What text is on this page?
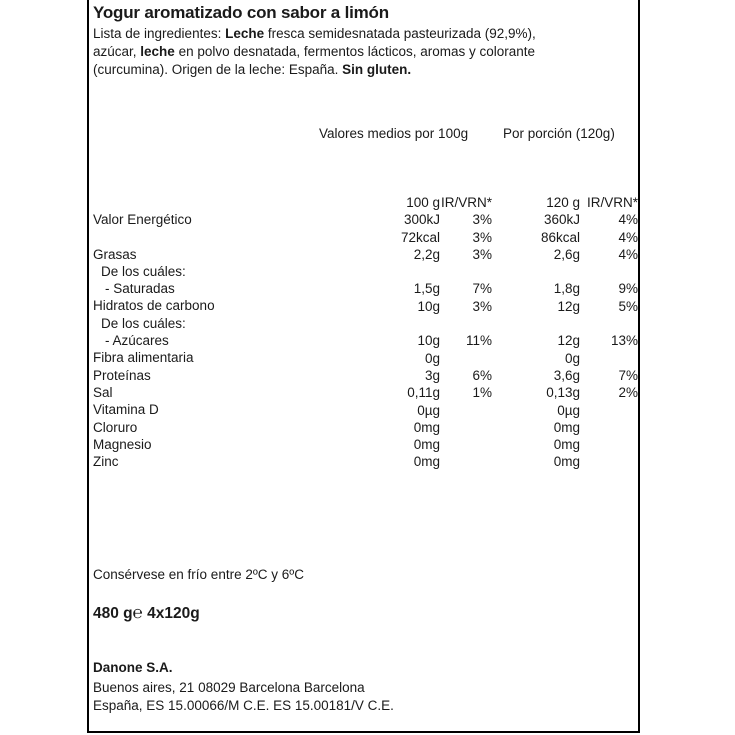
Yogur aromatizado con sabor a limón
Lista de ingredientes: Leche fresca semidesnatada pasteurizada (92,9%),
azúcar, leche en polvo desnatada, fermentos lácticos, aromas y colorante
(curcumina). Origen de la leche: España. Sin gluten.
Valores medios por 100g	Por porción (120g)
Valor Energético
Grasas
De los cuáles:
- Saturadas
Hidratos de carbono
De los cuáles:
- Azúcares
Fibra alimentaria
Proteínas
Sal
Vitamina D
Cloruro
Magnesio
Zinc
100 g
300kJ
72kcal
2,2g
1,5g
10g
10g
0g
3g
0,11g
0µg
0mg
0mg
0mg
IR/VRN*
3%
3%
3%
7%
3%
11%
6%
1%
120 g
360kJ
86kcal
2,6g
1,8g
12g
12g
0g
3,6g
0,13g
0µg
0mg
0mg
0mg
IR/VRN*
4%
4%
4%
9%
5%
13%
7%
2%
Consérvese en frío entre 2ºC y 6ºC
480 g℮ 4x120g
Danone S.A.
Buenos aires, 21 08029 Barcelona Barcelona
España, ES 15.00066/M C.E. ES 15.00181/V C.E.
